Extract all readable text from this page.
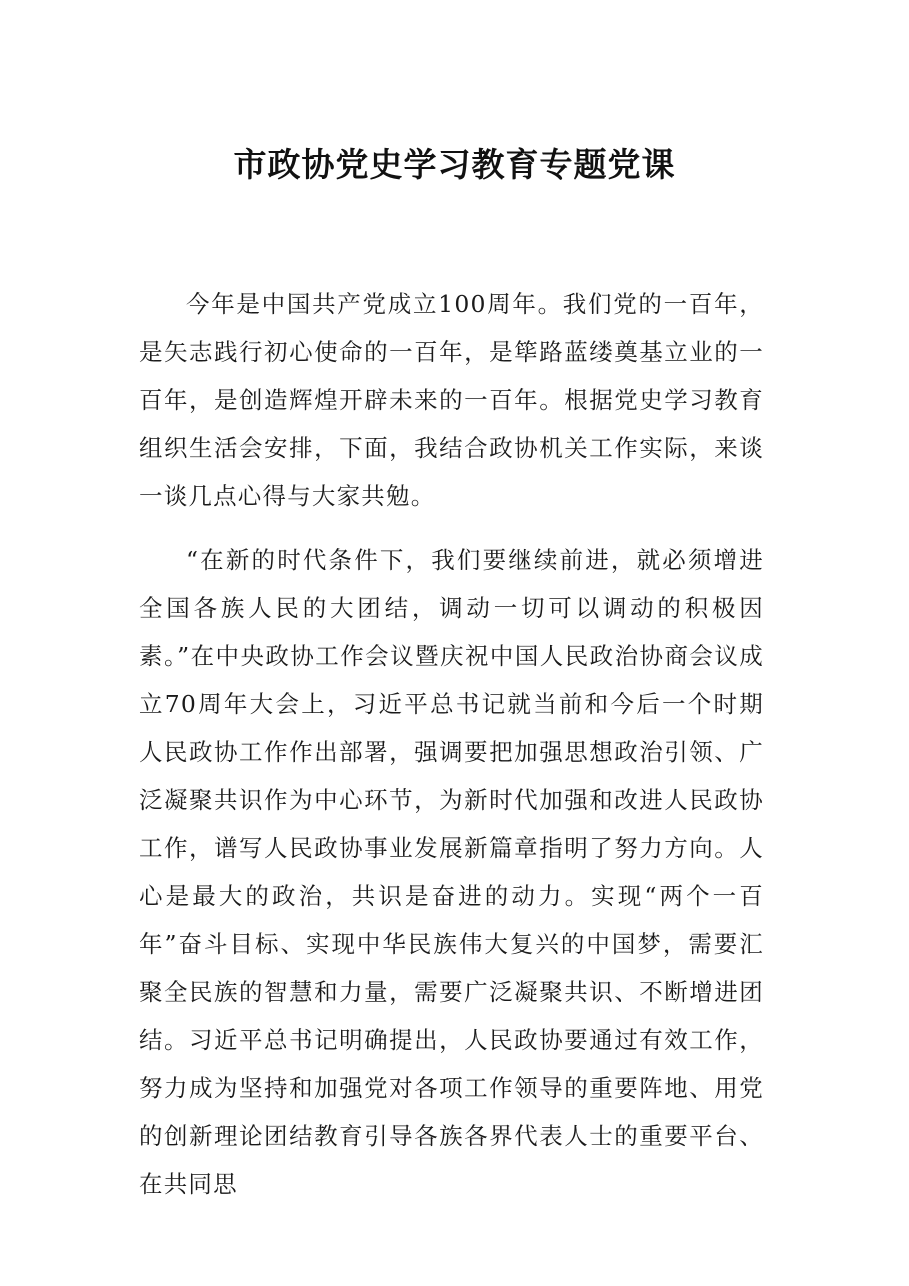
市政协党史学习教育专题党课

今年是中国共产党成立100周年。我们党的一百年，是矢志践行初心使命的一百年，是筚路蓝缕奠基立业的一百年，是创造辉煌开辟未来的一百年。根据党史学习教育组织生活会安排，下面，我结合政协机关工作实际，来谈一谈几点心得与大家共勉。

“在新的时代条件下，我们要继续前进，就必须增进全国各族人民的大团结，调动一切可以调动的积极因素。”在中央政协工作会议暨庆祝中国人民政治协商会议成立70周年大会上，习近平总书记就当前和今后一个时期人民政协工作作出部署，强调要把加强思想政治引领、广泛凝聚共识作为中心环节，为新时代加强和改进人民政协工作，谱写人民政协事业发展新篇章指明了努力方向。人心是最大的政治，共识是奋进的动力。实现“两个一百年”奋斗目标、实现中华民族伟大复兴的中国梦，需要汇聚全民族的智慧和力量，需要广泛凝聚共识、不断增进团结。习近平总书记明确提出，人民政协要通过有效工作，努力成为坚持和加强党对各项工作领导的重要阵地、用党的创新理论团结教育引导各族各界代表人士的重要平台、在共同思
